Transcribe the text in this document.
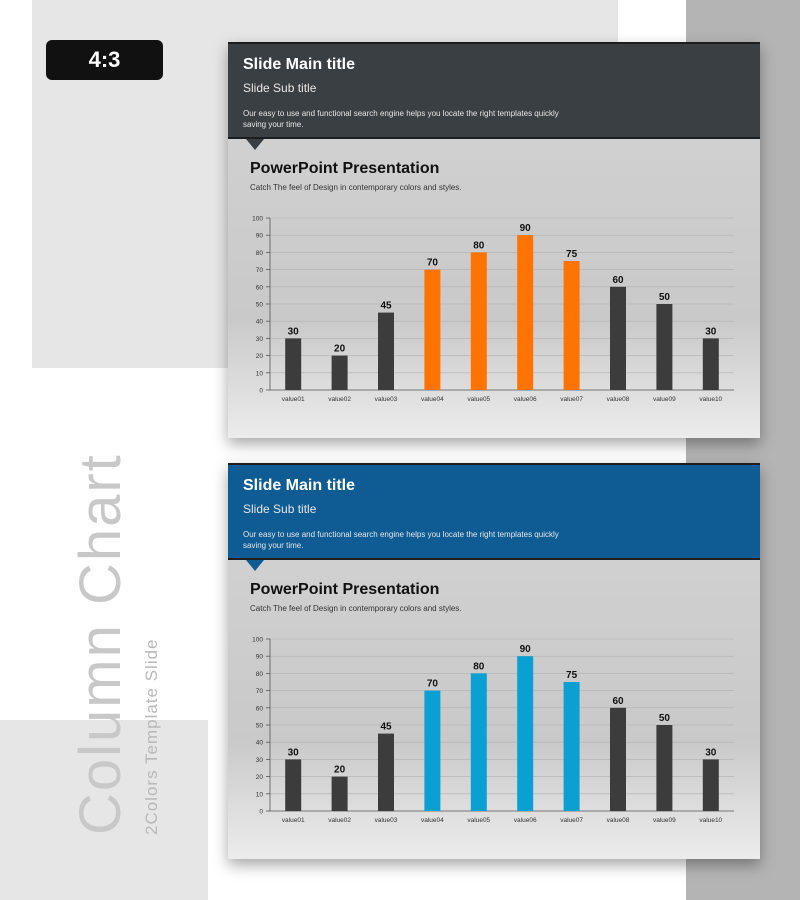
4:3
Column Chart 2Colors Template Slide
Slide Main title
Slide Sub title
Our easy to use and functional search engine helps you locate the right templates quickly saving your time.
PowerPoint Presentation
Catch The feel of Design in contemporary colors and styles.
0
10
20
30
40
50
60
70
80
90
100
30
value01
20
value02
45
value03
70
value04
80
value05
90
value06
75
value07
60
value08
50
value09
30
value10
Slide Main title
Slide Sub title
Our easy to use and functional search engine helps you locate the right templates quickly saving your time.
PowerPoint Presentation
Catch The feel of Design in contemporary colors and styles.
0
10
20
30
40
50
60
70
80
90
100
30
value01
20
value02
45
value03
70
value04
80
value05
90
value06
75
value07
60
value08
50
value09
30
value10
